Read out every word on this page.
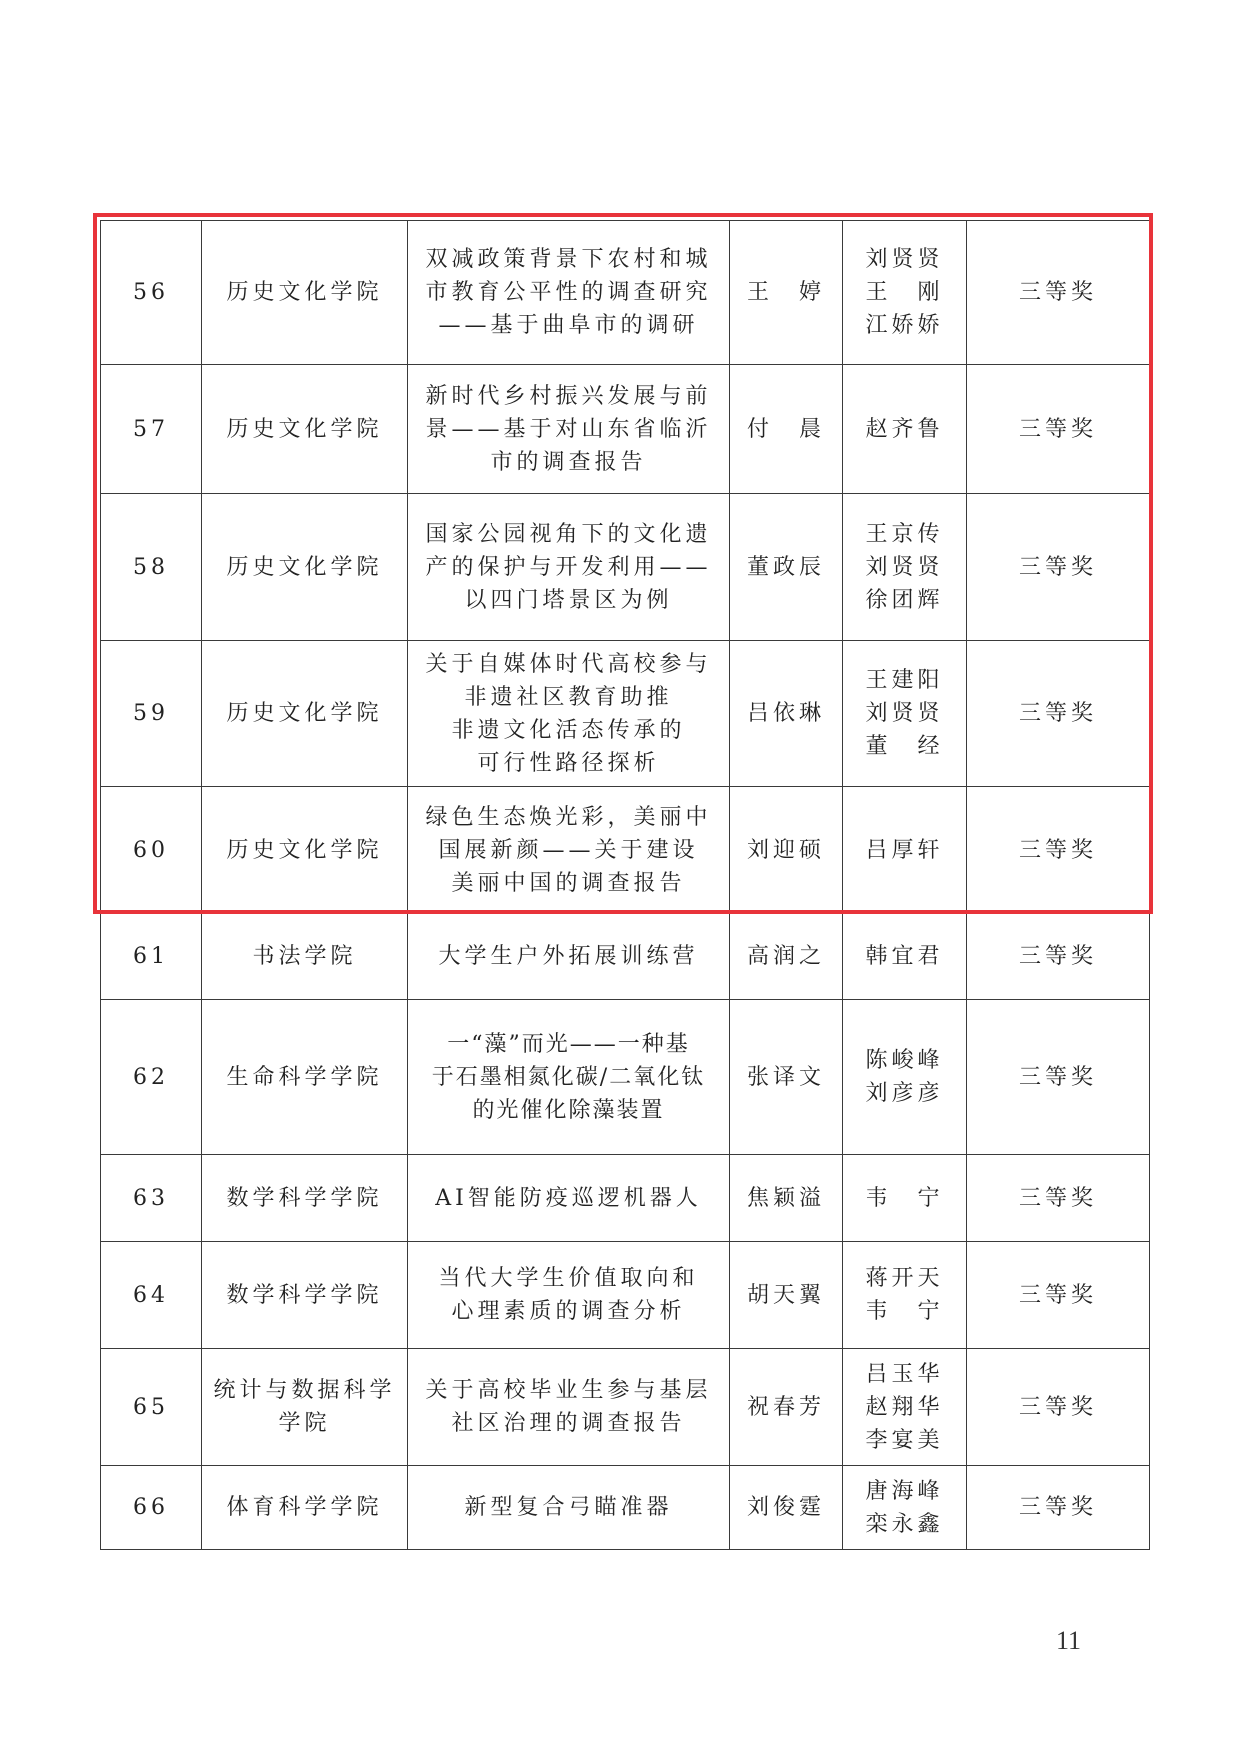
56	历史文化学院	双减政策背景下农村和城
市教育公平性的调查研究
——基于曲阜市的调研	王　婷	刘贤贤
王　刚
江娇娇	三等奖
57	历史文化学院	新时代乡村振兴发展与前
景——基于对山东省临沂
市的调查报告	付　晨	赵齐鲁	三等奖
58	历史文化学院	国家公园视角下的文化遗
产的保护与开发利用——
以四门塔景区为例	董政辰	王京传
刘贤贤
徐团辉	三等奖
59	历史文化学院	关于自媒体时代高校参与
非遗社区教育助推
非遗文化活态传承的
可行性路径探析	吕依琳	王建阳
刘贤贤
董　经	三等奖
60	历史文化学院	绿色生态焕光彩，美丽中
国展新颜——关于建设
美丽中国的调查报告	刘迎硕	吕厚轩	三等奖
61	书法学院	大学生户外拓展训练营	高润之	韩宜君	三等奖
62	生命科学学院	一“藻”而光——一种基
于石墨相氮化碳/二氧化钛
的光催化除藻装置	张译文	陈峻峰
刘彦彦	三等奖
63	数学科学学院	AI智能防疫巡逻机器人	焦颖溢	韦　宁	三等奖
64	数学科学学院	当代大学生价值取向和
心理素质的调查分析	胡天翼	蒋开天
韦　宁	三等奖
65	统计与数据科学
学院	关于高校毕业生参与基层
社区治理的调查报告	祝春芳	吕玉华
赵翔华
李宴美	三等奖
66	体育科学学院	新型复合弓瞄准器	刘俊霆	唐海峰
栾永鑫	三等奖
11
